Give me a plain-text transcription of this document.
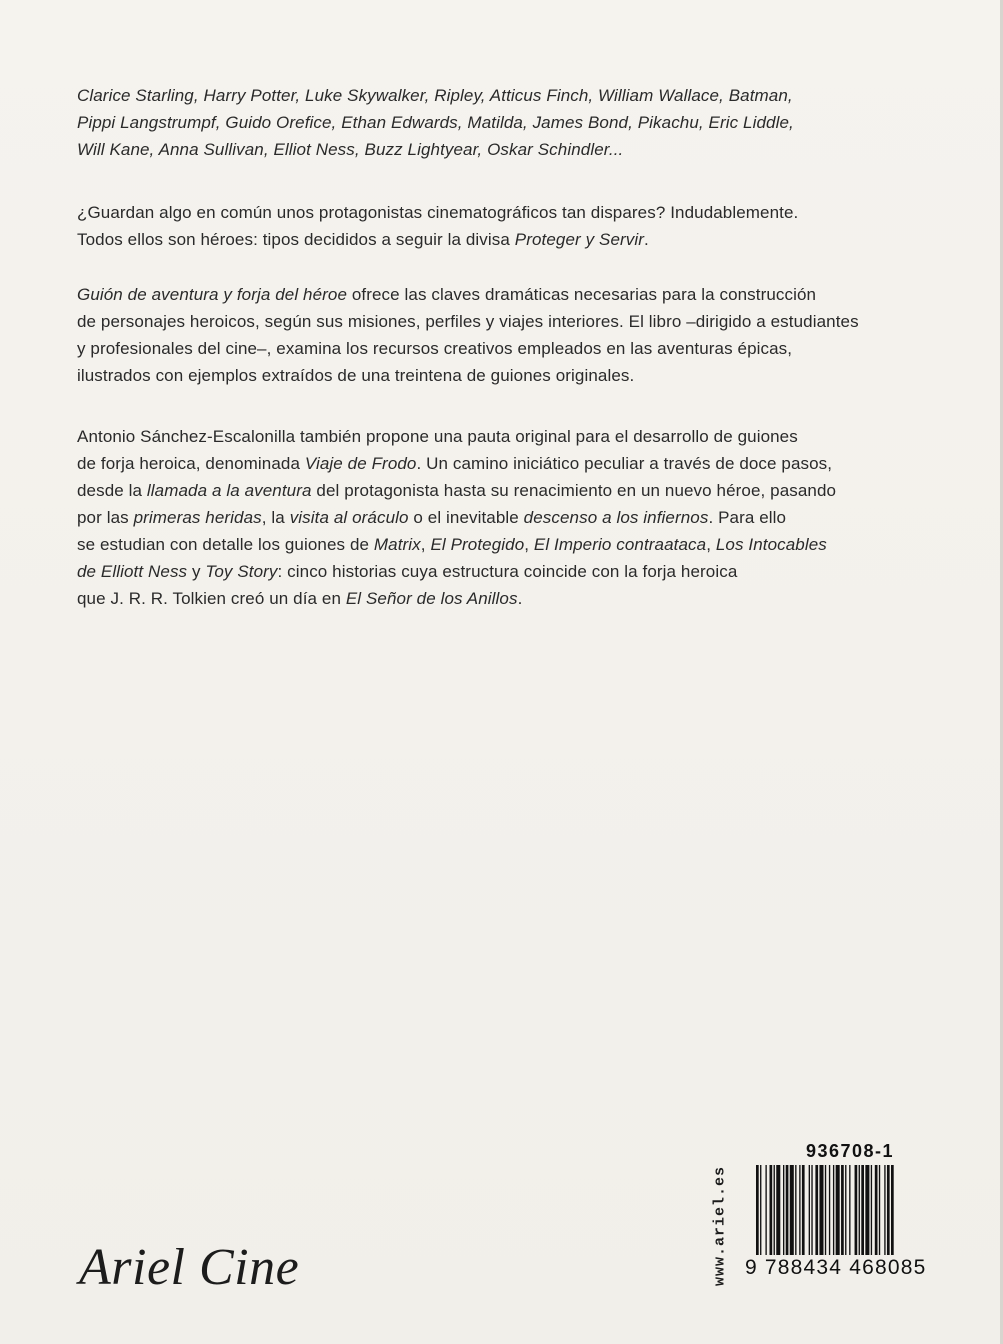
Clarice Starling, Harry Potter, Luke Skywalker, Ripley, Atticus Finch, William Wallace, Batman,
Pippi Langstrumpf, Guido Orefice, Ethan Edwards, Matilda, James Bond, Pikachu, Eric Liddle,
Will Kane, Anna Sullivan, Elliot Ness, Buzz Lightyear, Oskar Schindler...
¿Guardan algo en común unos protagonistas cinematográficos tan dispares? Indudablemente.
Todos ellos son héroes: tipos decididos a seguir la divisa Proteger y Servir.
Guión de aventura y forja del héroe ofrece las claves dramáticas necesarias para la construcción
de personajes heroicos, según sus misiones, perfiles y viajes interiores. El libro –dirigido a estudiantes
y profesionales del cine–, examina los recursos creativos empleados en las aventuras épicas,
ilustrados con ejemplos extraídos de una treintena de guiones originales.
Antonio Sánchez-Escalonilla también propone una pauta original para el desarrollo de guiones
de forja heroica, denominada Viaje de Frodo. Un camino iniciático peculiar a través de doce pasos,
desde la llamada a la aventura del protagonista hasta su renacimiento en un nuevo héroe, pasando
por las primeras heridas, la visita al oráculo o el inevitable descenso a los infiernos. Para ello
se estudian con detalle los guiones de Matrix, El Protegido, El Imperio contraataca, Los Intocables
de Elliott Ness y Toy Story: cinco historias cuya estructura coincide con la forja heroica
que J. R. R. Tolkien creó un día en El Señor de los Anillos.
Ariel Cine	www.ariel.es
936708-1
9 788434 468085
